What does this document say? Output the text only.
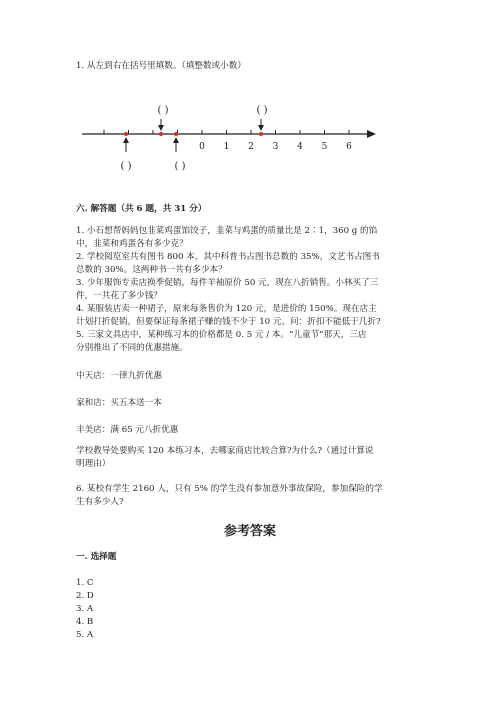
1. 从左到右在括号里填数。（填整数或小数）
0 1 2 3 4 5 6
( )	( )
( )	( )
六. 解答题（共 6 题，共 31 分）
1. 小石想帮妈妈包韭菜鸡蛋馅饺子，韭菜与鸡蛋的质量比是 2∶1，360 g 的馅
中，韭菜和鸡蛋各有多少克？
2. 学校阅览室共有图书 800 本，其中科普书占图书总数的 35%，文艺书占图书
总数的 30%。这两种书一共有多少本？
3. 少年服饰专卖店换季促销，每件羊袖原价 50 元，现在八折销售。小林买了三
件，一共花了多少钱？
4. 某服装店卖一种裙子，原来每条售价为 120 元，是进价的 150%。现在店主
计划打折促销，但要保证每条裙子赚的钱不少于 10 元。问：折扣不能低于几折?
5. 三家文具店中，某种练习本的价格都是 0. 5 元 / 本。“儿童节”那天，三店
分别推出了不同的优惠措施。
中天店：一律九折优惠
家和店：买五本送一本
丰美店：满 65 元八折优惠
学校教导处要购买 120 本练习本，去哪家商店比较合算?为什么?（通过计算说
明理由）
6. 某校有学生 2160 人，只有 5% 的学生没有参加意外事故保险，参加保险的学
生有多少人?
参考答案
一. 选择题
1. C
2. D
3. A
4. B
5. A
